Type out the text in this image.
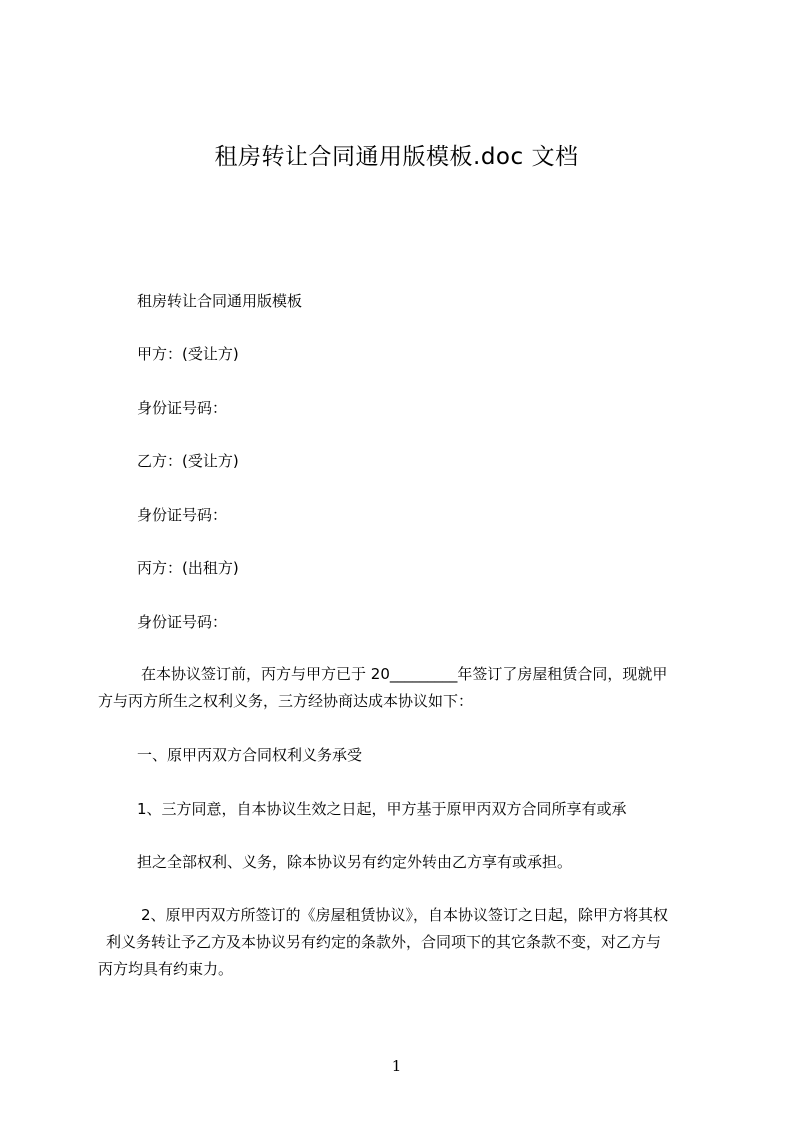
租房转让合同通用版模板.doc 文档

租房转让合同通用版模板

甲方：(受让方)

身份证号码：

乙方：(受让方)

身份证号码：

丙方：(出租方)

身份证号码：

在本协议签订前，丙方与甲方已于 20_________年签订了房屋租赁合同，现就甲

方与丙方所生之权利义务，三方经协商达成本协议如下：

一、原甲丙双方合同权利义务承受

1、三方同意，自本协议生效之日起，甲方基于原甲丙双方合同所享有或承

担之全部权利、义务，除本协议另有约定外转由乙方享有或承担。

2、原甲丙双方所签订的《房屋租赁协议》，自本协议签订之日起，除甲方将其权

利义务转让予乙方及本协议另有约定的条款外，合同项下的其它条款不变，对乙方与

丙方均具有约束力。

1
